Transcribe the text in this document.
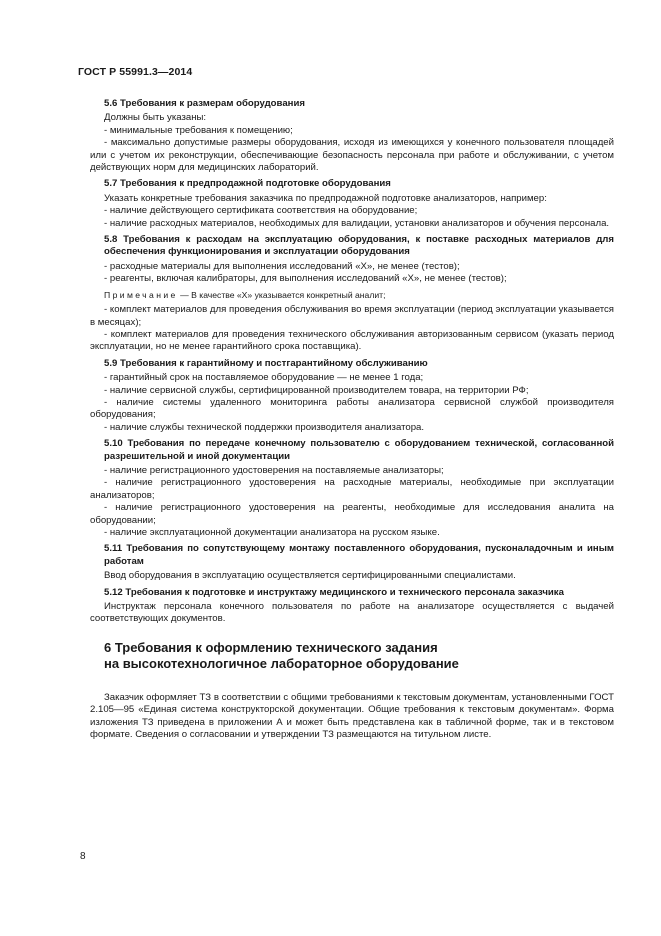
ГОСТ Р 55991.3—2014

5.6 Требования к размерам оборудования

Должны быть указаны:

- минимальные требования к помещению;

- максимально допустимые размеры оборудования, исходя из имеющихся у конечного пользователя площадей или с учетом их реконструкции, обеспечивающие безопасность персонала при работе и обслуживании, с учетом действующих норм для медицинских лабораторий.

5.7 Требования к предпродажной подготовке оборудования

Указать конкретные требования заказчика по предпродажной подготовке анализаторов, например:

- наличие действующего сертификата соответствия на оборудование;

- наличие расходных материалов, необходимых для валидации, установки анализаторов и обучения персонала.

5.8 Требования к расходам на эксплуатацию оборудования, к поставке расходных материалов для обеспечения функционирования и эксплуатации оборудования

- расходные материалы для выполнения исследований «X», не менее (тестов);

- реагенты, включая калибраторы, для выполнения исследований «X», не менее (тестов);

Примечание — В качестве «X» указывается конкретный аналит;

- комплект материалов для проведения обслуживания во время эксплуатации (период эксплуатации указывается в месяцах);

- комплект материалов для проведения технического обслуживания авторизованным сервисом (указать период эксплуатации, но не менее гарантийного срока поставщика).

5.9 Требования к гарантийному и постгарантийному обслуживанию

- гарантийный срок на поставляемое оборудование — не менее 1 года;

- наличие сервисной службы, сертифицированной производителем товара, на территории РФ;

- наличие системы удаленного мониторинга работы анализатора сервисной службой производителя оборудования;

- наличие службы технической поддержки производителя анализатора.

5.10 Требования по передаче конечному пользователю с оборудованием технической, согласованной разрешительной и иной документации

- наличие регистрационного удостоверения на поставляемые анализаторы;

- наличие регистрационного удостоверения на расходные материалы, необходимые при эксплуатации анализаторов;

- наличие регистрационного удостоверения на реагенты, необходимые для исследования аналита на оборудовании;

- наличие эксплуатационной документации анализатора на русском языке.

5.11 Требования по сопутствующему монтажу поставленного оборудования, пусконаладочным и иным работам

Ввод оборудования в эксплуатацию осуществляется сертифицированными специалистами.

5.12 Требования к подготовке и инструктажу медицинского и технического персонала заказчика

Инструктаж персонала конечного пользователя по работе на анализаторе осуществляется с выдачей соответствующих документов.

6 Требования к оформлению технического задания
на высокотехнологичное лабораторное оборудование

Заказчик оформляет ТЗ в соответствии с общими требованиями к текстовым документам, установленными ГОСТ 2.105—95 «Единая система конструкторской документации. Общие требования к текстовым документам». Форма изложения ТЗ приведена в приложении А и может быть представлена как в табличной форме, так и в текстовом формате. Сведения о согласовании и утверждении ТЗ размещаются на титульном листе.

8
